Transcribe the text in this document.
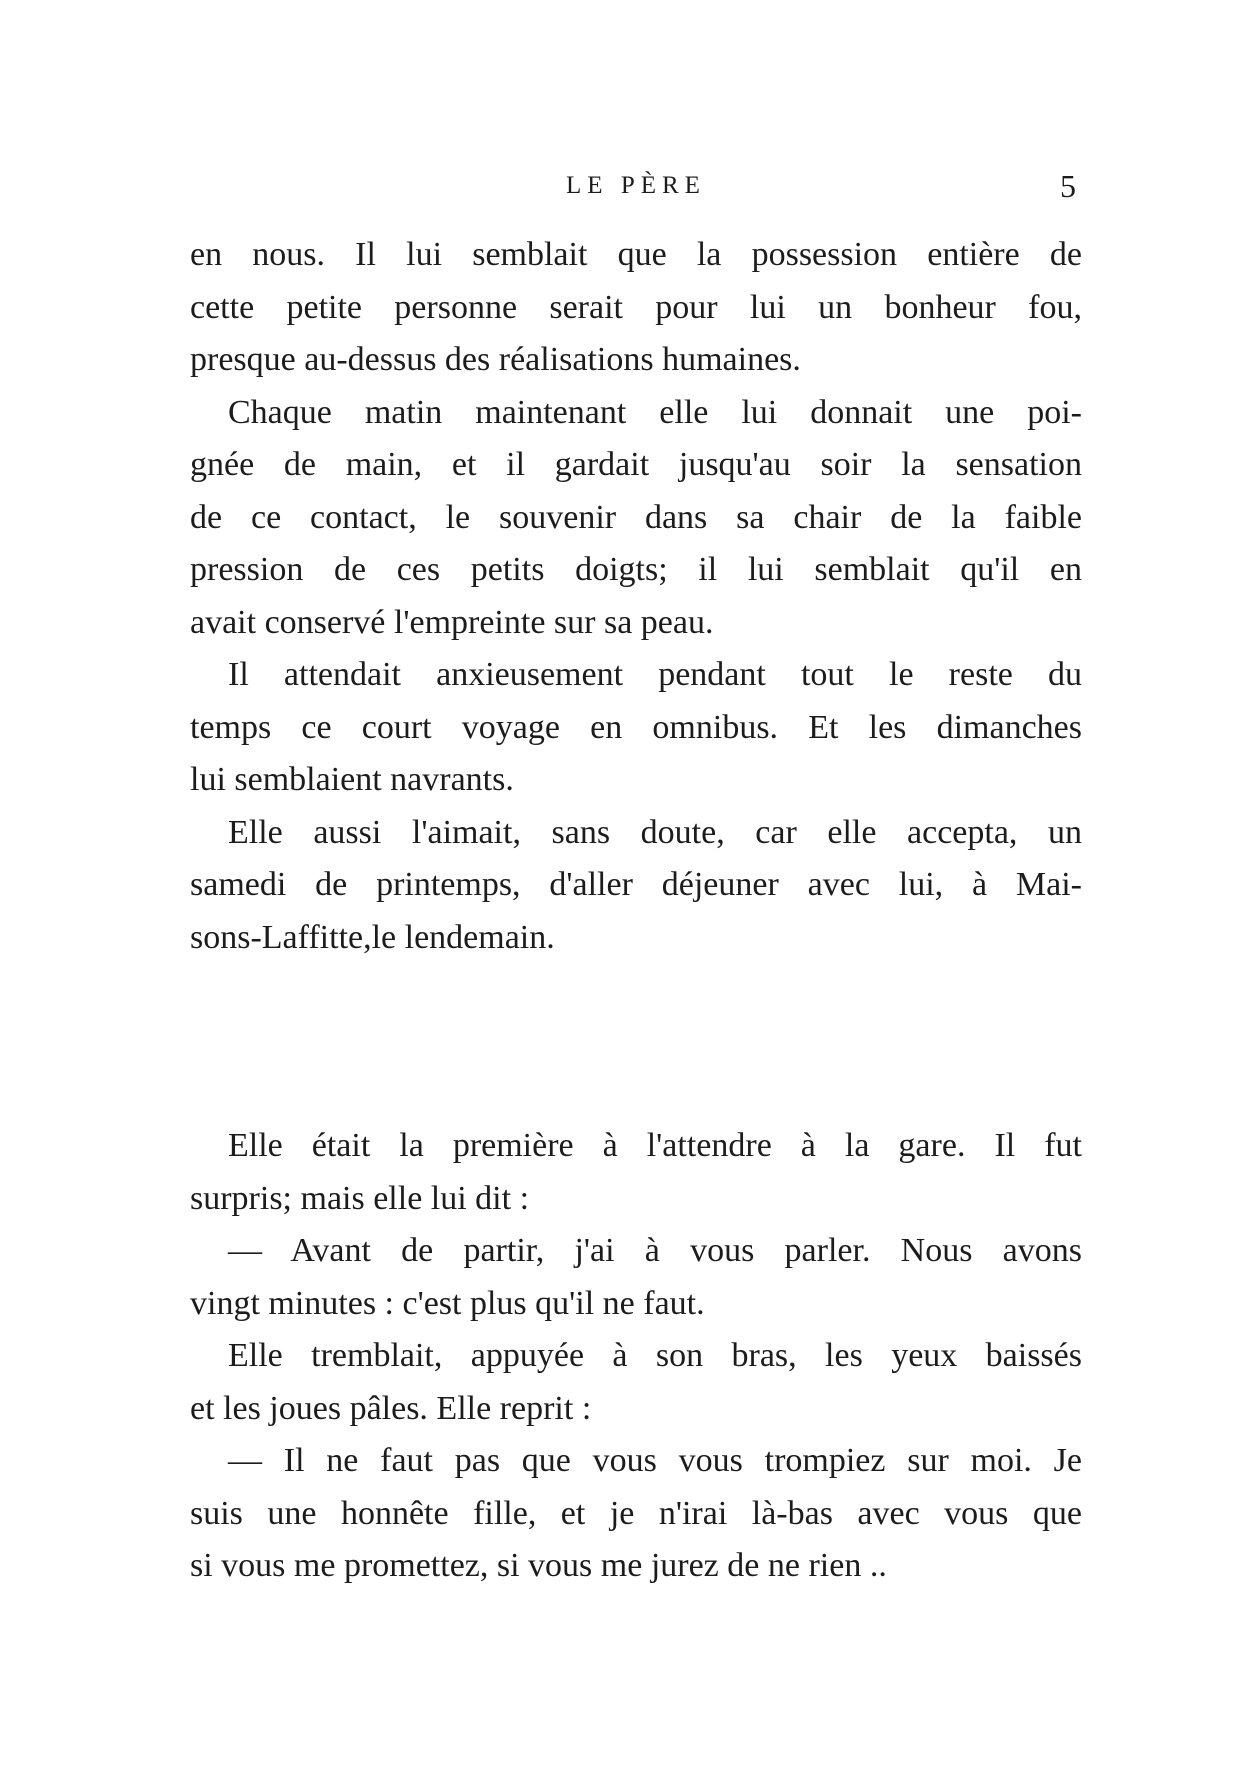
LE PÈRE	5
en nous. Il lui semblait que la possession entière de
cette petite personne serait pour lui un bonheur fou,
presque au-dessus des réalisations humaines.
Chaque matin maintenant elle lui donnait une poi-
gnée de main, et il gardait jusqu'au soir la sensation
de ce contact, le souvenir dans sa chair de la faible
pression de ces petits doigts; il lui semblait qu'il en
avait conservé l'empreinte sur sa peau.
Il attendait anxieusement pendant tout le reste du
temps ce court voyage en omnibus. Et les dimanches
lui semblaient navrants.
Elle aussi l'aimait, sans doute, car elle accepta, un
samedi de printemps, d'aller déjeuner avec lui, à Mai-
sons-Laffitte,le lendemain.
Elle était la première à l'attendre à la gare. Il fut
surpris; mais elle lui dit :
— Avant de partir, j'ai à vous parler. Nous avons
vingt minutes : c'est plus qu'il ne faut.
Elle tremblait, appuyée à son bras, les yeux baissés
et les joues pâles. Elle reprit :
— Il ne faut pas que vous vous trompiez sur moi. Je
suis une honnête fille, et je n'irai là-bas avec vous que
si vous me promettez, si vous me jurez de ne rien ..
